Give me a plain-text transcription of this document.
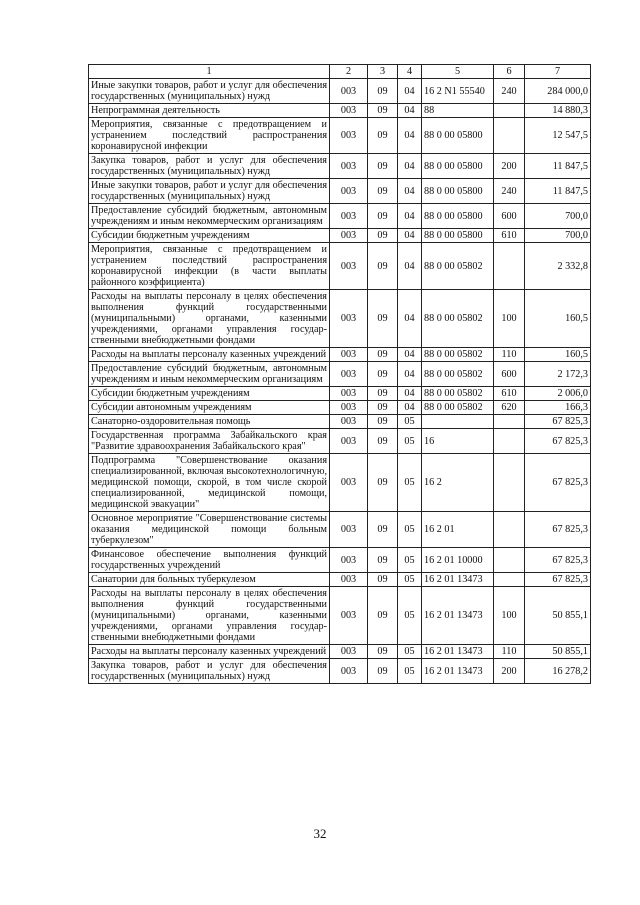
1	2	3	4	5	6	7
Иные закупки товаров, работ и услуг для обеспечения государственных (муниципальных) нужд	003	09	04	16 2 N1 55540	240	284 000,0
Непрограммная деятельность	003	09	04	88		14 880,3
Мероприятия, связанные с предотвращением и устранением последствий распространения коронавирусной инфекции	003	09	04	88 0 00 05800		12 547,5
Закупка товаров, работ и услуг для обеспечения государственных (муниципальных) нужд	003	09	04	88 0 00 05800	200	11 847,5
Иные закупки товаров, работ и услуг для обеспечения государственных (муниципальных) нужд	003	09	04	88 0 00 05800	240	11 847,5
Предоставление субсидий бюджетным, автономным учреждениям и иным некоммерческим организациям	003	09	04	88 0 00 05800	600	700,0
Субсидии бюджетным учреждениям	003	09	04	88 0 00 05800	610	700,0
Мероприятия, связанные с предотвращением и устранением последствий распространения коронавирусной инфекции (в части выплаты районного коэффициента)	003	09	04	88 0 00 05802		2 332,8
Расходы на выплаты персоналу в целях обеспечения выполнения функций государственными (муниципальными) органами, казенными учреждениями, органами управления государственными внебюджетными фондами	003	09	04	88 0 00 05802	100	160,5
Расходы на выплаты персоналу казенных учреждений	003	09	04	88 0 00 05802	110	160,5
Предоставление субсидий бюджетным, автономным учреждениям и иным некоммерческим организациям	003	09	04	88 0 00 05802	600	2 172,3
Субсидии бюджетным учреждениям	003	09	04	88 0 00 05802	610	2 006,0
Субсидии автономным учреждениям	003	09	04	88 0 00 05802	620	166,3
Санаторно-оздоровительная помощь	003	09	05			67 825,3
Государственная программа Забайкальского края "Развитие здравоохранения Забайкальского края"	003	09	05	16		67 825,3
Подпрограмма "Совершенствование оказания специализированной, включая высокотехнологичную, медицинской помощи, скорой, в том числе скорой специализированной, медицинской помощи, медицинской эвакуации"	003	09	05	16 2		67 825,3
Основное мероприятие "Совершенствование системы оказания медицинской помощи больным туберкулезом"	003	09	05	16 2 01		67 825,3
Финансовое обеспечение выполнения функций государственных учреждений	003	09	05	16 2 01 10000		67 825,3
Санатории для больных туберкулезом	003	09	05	16 2 01 13473		67 825,3
Расходы на выплаты персоналу в целях обеспечения выполнения функций государственными (муниципальными) органами, казенными учреждениями, органами управления государственными внебюджетными фондами	003	09	05	16 2 01 13473	100	50 855,1
Расходы на выплаты персоналу казенных учреждений	003	09	05	16 2 01 13473	110	50 855,1
Закупка товаров, работ и услуг для обеспечения государственных (муниципальных) нужд	003	09	05	16 2 01 13473	200	16 278,2
32
